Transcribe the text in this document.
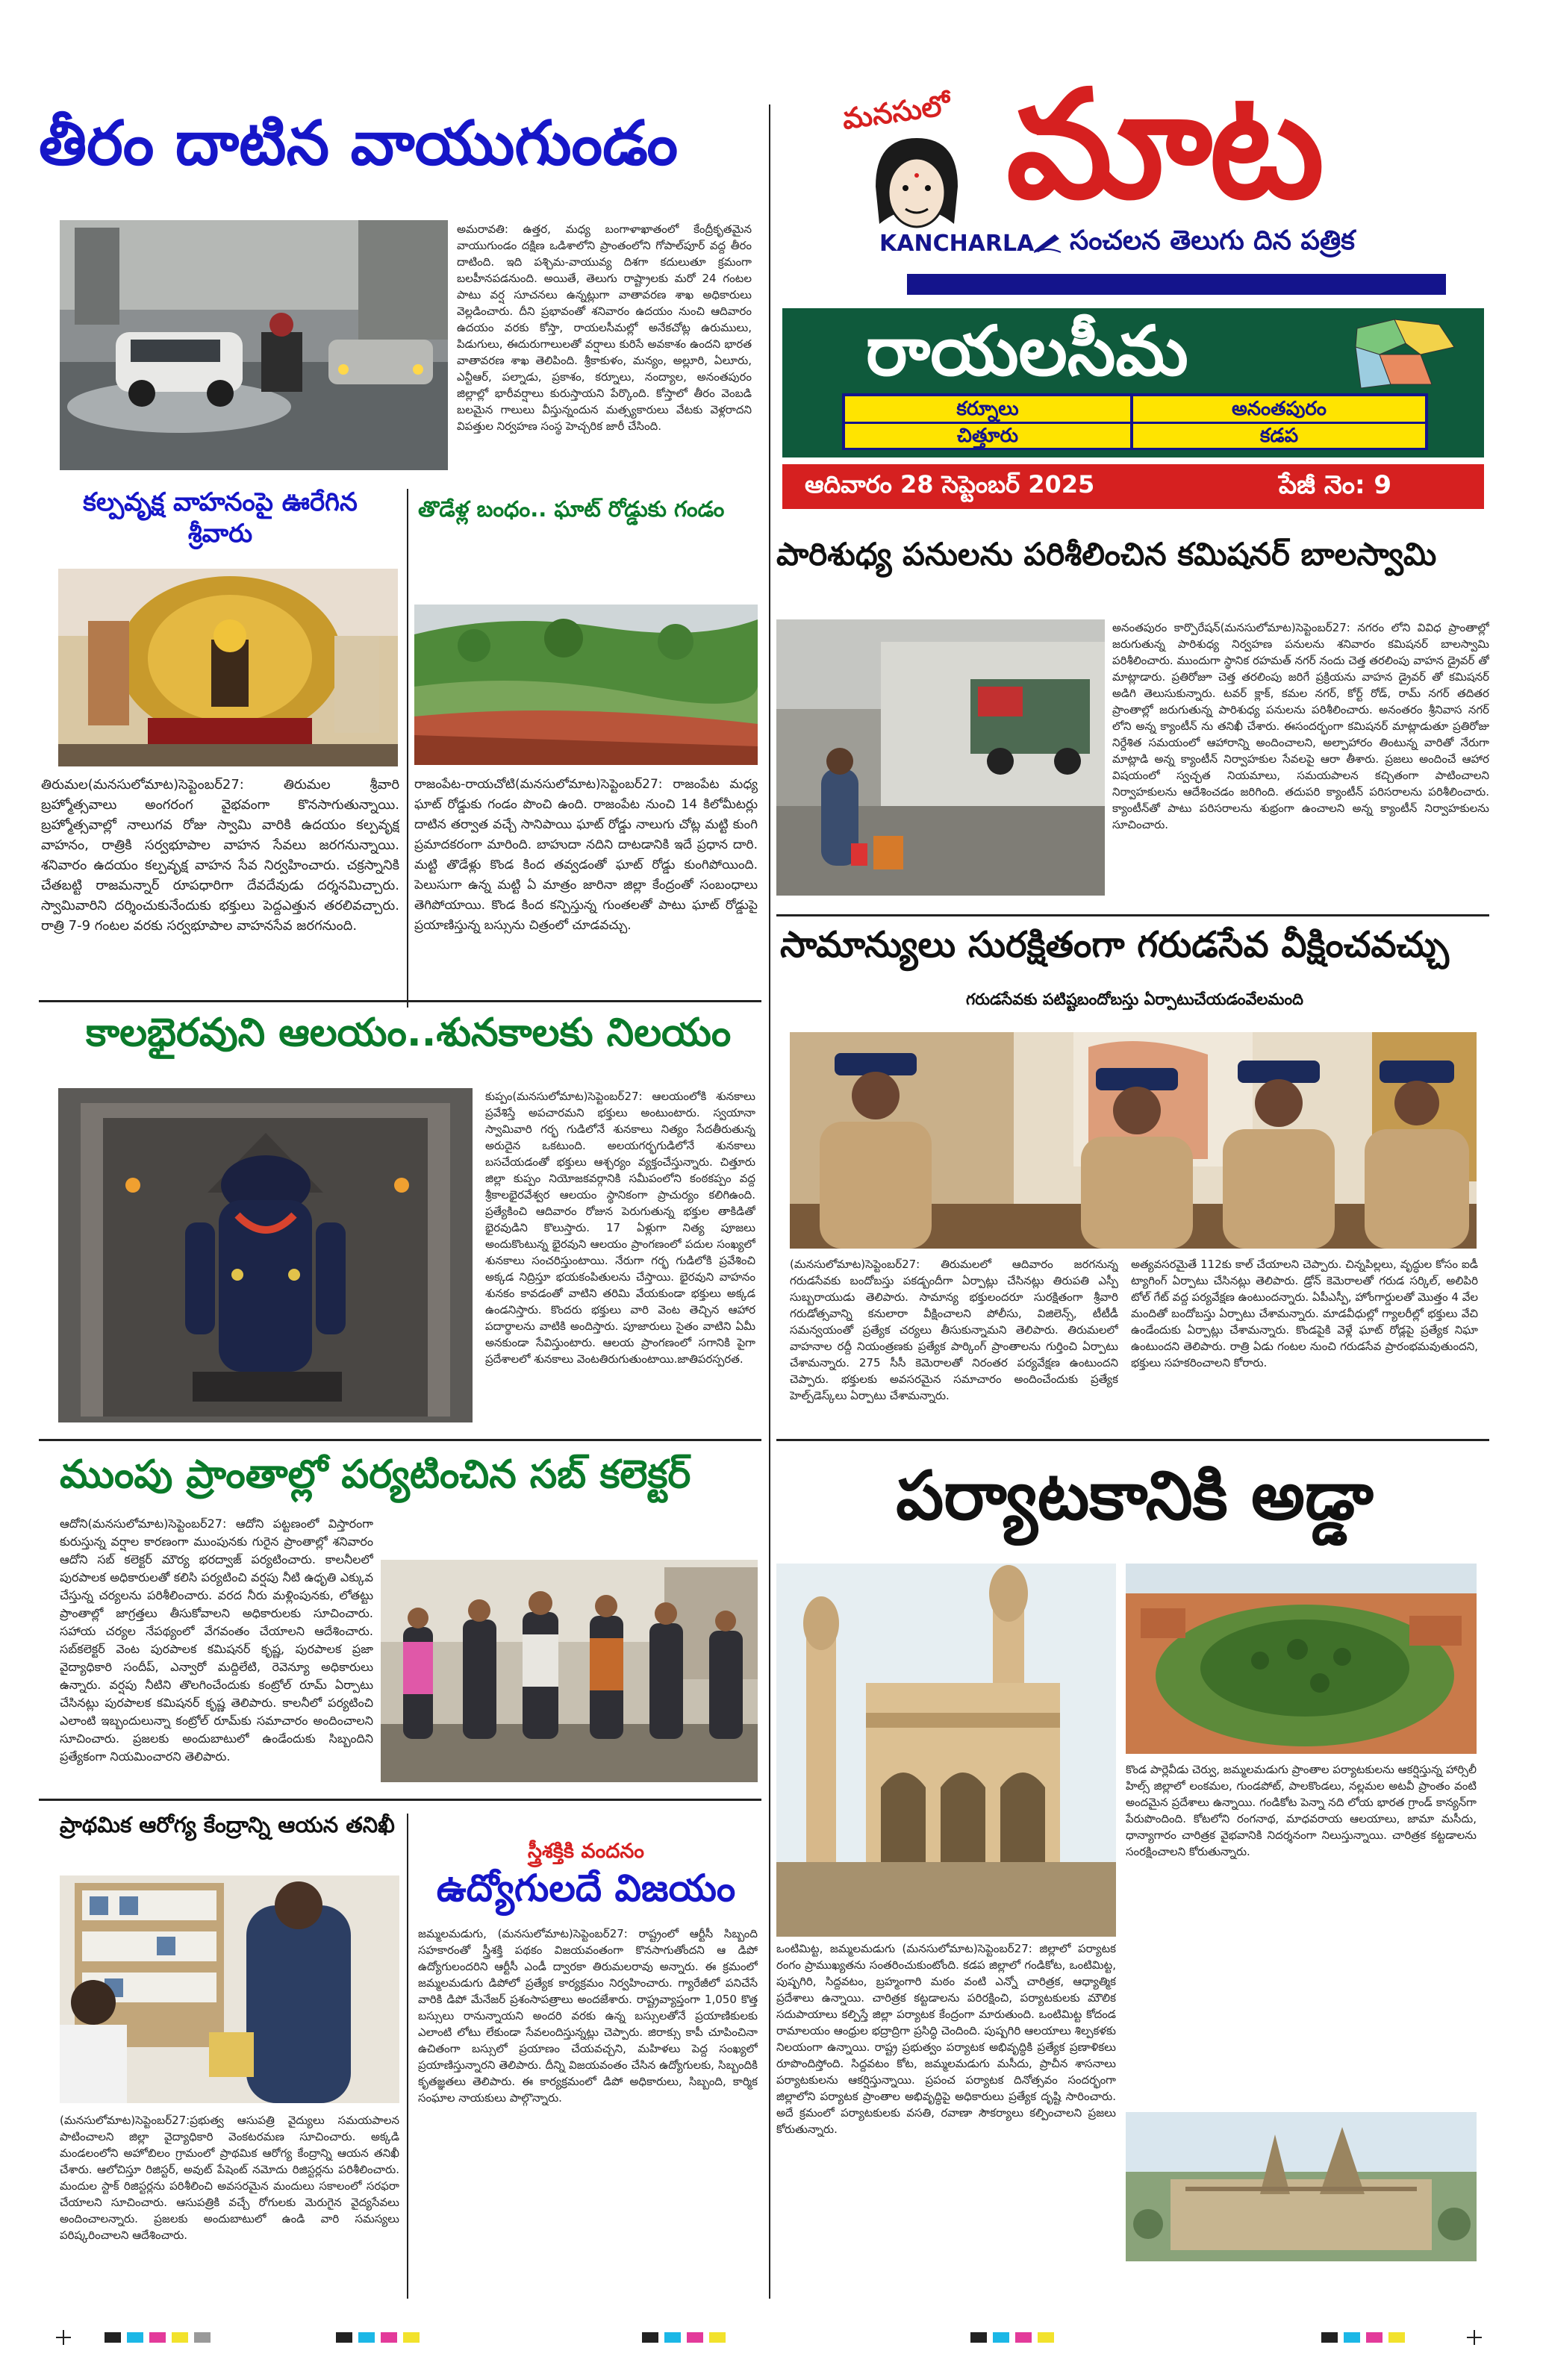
తీరం దాటిన వాయుగుండం
అమరావతి: ఉత్తర, మధ్య బంగాళాఖాతంలో కేంద్రీకృతమైన వాయుగుండం దక్షిణ ఒడిశాలోని ప్రాంతంలోని గోపాల్‌పూర్ వద్ద తీరం దాటింది. ఇది పశ్చిమ-వాయువ్య దిశగా కదులుతూ క్రమంగా బలహీనపడనుంది. అయితే, తెలుగు రాష్ట్రాలకు మరో 24 గంటల పాటు వర్ష సూచనలు ఉన్నట్లుగా వాతావరణ శాఖ అధికారులు వెల్లడించారు. దీని ప్రభావంతో శనివారం ఉదయం నుంచి ఆదివారం ఉదయం వరకు కోస్తా, రాయలసీమల్లో అనేకచోట్ల ఉరుములు, పిడుగులు, ఈదురుగాలులతో వర్షాలు కురిసే అవకాశం ఉందని భారత వాతావరణ శాఖ తెలిపింది. శ్రీకాకుళం, మన్యం, అల్లూరి, ఏలూరు, ఎన్టీఆర్, పల్నాడు, ప్రకాశం, కర్నూలు, నంద్యాల, అనంతపురం జిల్లాల్లో భారీవర్షాలు కురుస్తాయని పేర్కొంది. కోస్తాలో తీరం వెంబడి బలమైన గాలులు వీస్తున్నందున మత్స్యకారులు వేటకు వెళ్లరాదని విపత్తుల నిర్వహణ సంస్థ హెచ్చరిక జారీ చేసింది.
కల్పవృక్ష వాహనంపై ఊరేగిన
శ్రీవారు
తిరుమల(మనసులోమాట)సెప్టెంబర్27: తిరుమల శ్రీవారి బ్రహ్మోత్సవాలు అంగరంగ వైభవంగా కొనసాగుతున్నాయి. బ్రహ్మోత్సవాల్లో నాలుగవ రోజు స్వామి వారికి ఉదయం కల్పవృక్ష వాహనం, రాత్రికి సర్వభూపాల వాహన సేవలు జరగనున్నాయి. శనివారం ఉదయం కల్పవృక్ష వాహన సేవ నిర్వహించారు. చక్రస్నానికి చేతబట్టి రాజమన్నార్ రూపధారిగా దేవదేవుడు దర్శనమిచ్చారు. స్వామివారిని దర్శించుకునేందుకు భక్తులు పెద్దఎత్తున తరలివచ్చారు. రాత్రి 7-9 గంటల వరకు సర్వభూపాల వాహనసేవ జరగనుంది.
తొడేళ్ల బంధం.. ఘాట్ రోడ్డుకు గండం
రాజంపేట-రాయచోటి(మనసులోమాట)సెప్టెంబర్27: రాజంపేట మధ్య ఘాట్ రోడ్డుకు గండం పొంచి ఉంది. రాజంపేట నుంచి 14 కిలోమీటర్లు దాటిన తర్వాత వచ్చే సానిపాయి ఘాట్ రోడ్డు నాలుగు చోట్ల మట్టి కుంగి ప్రమాదకరంగా మారింది. బాహుదా నదిని దాటడానికి ఇదే ప్రధాన దారి. మట్టి తొడేళ్లు కొండ కింద తవ్వడంతో ఘాట్ రోడ్డు కుంగిపోయింది. పెలుసుగా ఉన్న మట్టి ఏ మాత్రం జారినా జిల్లా కేంద్రంతో సంబంధాలు తెగిపోయాయి. కొండ కింద కన్పిస్తున్న గుంతలతో పాటు ఘాట్ రోడ్డుపై ప్రయాణిస్తున్న బస్సును చిత్రంలో చూడవచ్చు.
కాలభైరవుని ఆలయం..శునకాలకు నిలయం
కుప్పం(మనసులోమాట)సెప్టెంబర్27: ఆలయంలోకి శునకాలు ప్రవేశిస్తే అపచారమని భక్తులు అంటుంటారు. స్వయానా స్వామివారి గర్భ గుడిలోనే శునకాలు నిత్యం సేదతీరుతున్న అరుదైన ఒకటుంది. అలయగర్భగుడిలోనే శునకాలు బసచేయడంతో భక్తులు ఆశ్చర్యం వ్యక్తంచేస్తున్నారు. చిత్తూరు జిల్లా కుప్పం నియోజకవర్గానికి సమీపంలోని కంఠకప్పం వద్ద శ్రీకాలభైరవేశ్వర ఆలయం స్థానికంగా ప్రాచుర్యం కలిగిఉంది. ప్రత్యేకించి ఆదివారం రోజున పెరుగుతున్న భక్తుల తాకిడితో భైరవుడిని కొలుస్తారు. 17 ఏళ్లుగా నిత్య పూజలు అందుకొంటున్న భైరవుని ఆలయం ప్రాంగణంలో పదుల సంఖ్యలో శునకాలు సంచరిస్తుంటాయి. నేరుగా గర్భ గుడిలోకి ప్రవేశించి అక్కడ నిద్రిస్తూ భయకంపితులను చేస్తాయి. భైరవుని వాహనం శునకం కావడంతో వాటిని తరిమి వేయకుండా భక్తులు అక్కడ ఉండనిస్తారు. కొందరు భక్తులు వారి వెంట తెచ్చిన ఆహార పదార్థాలను వాటికి అందిస్తారు. పూజారులు సైతం వాటిని ఏమీ అనకుండా సేవిస్తుంటారు. ఆలయ ప్రాంగణంలో సగానికి పైగా ప్రదేశాలలో శునకాలు వెంటతిరుగుతుంటాయి.జాతిపరస్పరత.
ముంపు ప్రాంతాల్లో పర్యటించిన సబ్ కలెక్టర్
ఆదోని(మనసులోమాట)సెప్టెంబర్27: ఆదోని పట్టణంలో విస్తారంగా కురుస్తున్న వర్షాల కారణంగా ముంపునకు గురైన ప్రాంతాల్లో శనివారం ఆదోని సబ్ కలెక్టర్ మౌర్య భరద్వాజ్ పర్యటించారు. కాలనీలలో పురపాలక అధికారులతో కలిసి పర్యటించి వర్షపు నీటి ఉధృతి ఎక్కువ చేస్తున్న చర్యలను పరిశీలించారు. వరద నీరు మళ్లింపునకు, లోతట్టు ప్రాంతాల్లో జాగ్రత్తలు తీసుకోవాలని అధికారులకు సూచించారు. సహాయ చర్యల నేపథ్యంలో వేగవంతం చేయాలని ఆదేశించారు. సబ్‌కలెక్టర్ వెంట పురపాలక కమిషనర్ కృష్ణ, పురపాలక ప్రజా వైద్యాధికారి సందీప్, ఎన్వారో మద్దిలేటి, రెవెన్యూ అధికారులు ఉన్నారు. వర్షపు నీటిని తొలగించేందుకు కంట్రోల్ రూమ్ ఏర్పాటు చేసినట్లు పురపాలక కమిషనర్ కృష్ణ తెలిపారు. కాలనీలో పర్యటించి ఎలాంటి ఇబ్బందులున్నా కంట్రోల్ రూమ్‌కు సమాచారం అందించాలని సూచించారు. ప్రజలకు అందుబాటులో ఉండేందుకు సిబ్బందిని ప్రత్యేకంగా నియమించారని తెలిపారు.
ప్రాథమిక ఆరోగ్య కేంద్రాన్ని ఆయన తనిఖీ
(మనసులోమాట)సెప్టెంబర్27:ప్రభుత్వ ఆసుపత్రి వైద్యులు సమయపాలన పాటించాలని జిల్లా వైద్యాధికారి వెంకటరమణ సూచించారు. అక్కడి మండలంలోని అహోబిలం గ్రామంలో ప్రాథమిక ఆరోగ్య కేంద్రాన్ని ఆయన తనిఖీ చేశారు. ఆలోచిస్తూ రిజిస్టర్, అవుట్ పేషెంట్ నమోదు రిజిస్టర్లను పరిశీలించారు. మందుల స్టాక్ రిజిస్టర్లను పరిశీలించి అవసరమైన మందులు సకాలంలో సరఫరా చేయాలని సూచించారు. ఆసుపత్రికి వచ్చే రోగులకు మెరుగైన వైద్యసేవలు అందించాలన్నారు. ప్రజలకు అందుబాటులో ఉండి వారి సమస్యలు పరిష్కరించాలని ఆదేశించారు.
స్త్రీశక్తికి వందనం
ఉద్యోగులదే విజయం
జమ్మలమడుగు, (మనసులోమాట)సెప్టెంబర్27: రాష్ట్రంలో ఆర్టీసీ సిబ్బంది సహకారంతో స్త్రీశక్తి పథకం విజయవంతంగా కొనసాగుతోందని ఆ డిపో ఉద్యోగులందరిని ఆర్టీసీ ఎండీ ద్వారకా తిరుమలరావు అన్నారు. ఈ క్రమంలో జమ్మలమడుగు డిపోలో ప్రత్యేక కార్యక్రమం నిర్వహించారు. గ్యారేజీలో పనిచేసే వారికి డిపో మేనేజర్ ప్రశంసాపత్రాలు అందజేశారు. రాష్ట్రవ్యాప్తంగా 1,050 కొత్త బస్సులు రానున్నాయని అందరి వరకు ఉన్న బస్సులతోనే ప్రయాణికులకు ఎలాంటి లోటు లేకుండా సేవలందిస్తున్నట్లు చెప్పారు. జిరాక్సు కాపీ చూపించినా ఉచితంగా బస్సులో ప్రయాణం చేయవచ్చని, మహిళలు పెద్ద సంఖ్యలో ప్రయాణిస్తున్నారని తెలిపారు. దీన్ని విజయవంతం చేసిన ఉద్యోగులకు, సిబ్బందికి కృతజ్ఞతలు తెలిపారు. ఈ కార్యక్రమంలో డిపో అధికారులు, సిబ్బంది, కార్మిక సంఘాల నాయకులు పాల్గొన్నారు.
మనసులో మాట
KANCHARLA సంచలన తెలుగు దిన పత్రిక
రాయలసీమ
కర్నూలు	అనంతపురం
చిత్తూరు	కడప
ఆదివారం 28 సెప్టెంబర్ 2025	పేజీ నెం: 9
పారిశుధ్య పనులను పరిశీలించిన కమిషనర్ బాలస్వామి
అనంతపురం కార్పొరేషన్(మనసులోమాట)సెప్టెంబర్27: నగరం లోని వివిధ ప్రాంతాల్లో జరుగుతున్న పారిశుధ్య నిర్వహణ పనులను శనివారం కమిషనర్ బాలస్వామి పరిశీలించారు. ముందుగా స్థానిక రహమత్ నగర్ నందు చెత్త తరలింపు వాహన డ్రైవర్ తో మాట్లాడారు. ప్రతిరోజూ చెత్త తరలింపు జరిగే ప్రక్రియను వాహన డ్రైవర్ తో కమిషనర్ అడిగి తెలుసుకున్నారు. టవర్ క్లాక్, కమల నగర్, కోర్ట్ రోడ్, రామ్ నగర్ తదితర ప్రాంతాల్లో జరుగుతున్న పారిశుధ్య పనులను పరిశీలించారు. అనంతరం శ్రీనివాస నగర్ లోని అన్న క్యాంటీన్ ను తనిఖీ చేశారు. ఈసందర్భంగా కమిషనర్ మాట్లాడుతూ ప్రతిరోజు నిర్దేశిత సమయంలో ఆహారాన్ని అందించాలని, అల్పాహారం తింటున్న వారితో నేరుగా మాట్లాడి అన్న క్యాంటీన్ నిర్వాహకుల సేవలపై ఆరా తీశారు. ప్రజలు అందించే ఆహార విషయంలో స్వచ్ఛత నియమాలు, సమయపాలన కచ్చితంగా పాటించాలని నిర్వాహకులను ఆదేశించడం జరిగింది. తదుపరి క్యాంటీన్ పరిసరాలను పరిశీలించారు. క్యాంటీన్‌తో పాటు పరిసరాలను శుభ్రంగా ఉంచాలని అన్న క్యాంటీన్ నిర్వాహకులను సూచించారు.
సామాన్యులు సురక్షితంగా గరుడసేవ వీక్షించవచ్చు
గరుడసేవకు పటిష్టబందోబస్తు ఏర్పాటుచేయడంవేలమంది
(మనసులోమాట)సెప్టెంబర్27: తిరుమలలో ఆదివారం జరగనున్న గరుడసేవకు బందోబస్తు పకడ్బందీగా ఏర్పాట్లు చేసినట్లు తిరుపతి ఎస్పీ సుబ్బరాయుడు తెలిపారు. సామాన్య భక్తులందరూ సురక్షితంగా శ్రీవారి గరుడోత్సవాన్ని కనులారా వీక్షించాలని పోలీసు, విజిలెన్స్, టీటీడీ సమన్వయంతో ప్రత్యేక చర్యలు తీసుకున్నామని తెలిపారు. తిరుమలలో వాహనాల రద్దీ నియంత్రణకు ప్రత్యేక పార్కింగ్ ప్రాంతాలను గుర్తించి ఏర్పాటు చేశామన్నారు. 275 సీసీ కెమెరాలతో నిరంతర పర్యవేక్షణ ఉంటుందని చెప్పారు. భక్తులకు అవసరమైన సమాచారం అందించేందుకు ప్రత్యేక హెల్ప్‌డెస్క్‌లు ఏర్పాటు చేశామన్నారు.
అత్యవసరమైతే 112కు కాల్ చేయాలని చెప్పారు. చిన్నపిల్లలు, వృద్ధుల కోసం ఐడీ ట్యాగింగ్ ఏర్పాటు చేసినట్లు తెలిపారు. డ్రోన్ కెమెరాలతో గరుడ సర్కిల్, అలిపిరి టోల్ గేట్ వద్ద పర్యవేక్షణ ఉంటుందన్నారు. ఏపీఎస్పీ, హోంగార్డులతో మొత్తం 4 వేల మందితో బందోబస్తు ఏర్పాటు చేశామన్నారు. మాడవీధుల్లో గ్యాలరీల్లో భక్తులు వేచి ఉండేందుకు ఏర్పాట్లు చేశామన్నారు. కొండపైకి వెళ్లే ఘాట్ రోడ్లపై ప్రత్యేక నిఘా ఉంటుందని తెలిపారు. రాత్రి ఏడు గంటల నుంచి గరుడసేవ ప్రారంభమవుతుందని, భక్తులు సహకరించాలని కోరారు.
పర్యాటకానికి అడ్డా
కొండ పార్లెవీడు చెర్వు, జమ్మలమడుగు ప్రాంతాల పర్యాటకులను ఆకర్షిస్తున్న హార్సిలీ హిల్స్ జిల్లాలో లంకమల, గుండపోట్, పాలకొండలు, నల్లమల అటవీ ప్రాంతం వంటి అందమైన ప్రదేశాలు ఉన్నాయి. గండికోట పెన్నా నది లోయ భారత గ్రాండ్ కాన్యన్‌గా పేరుపొందింది. కోటలోని రంగనాథ, మాధవరాయ ఆలయాలు, జామా మసీదు, ధాన్యాగారం చారిత్రక వైభవానికి నిదర్శనంగా నిలుస్తున్నాయి. చారిత్రక కట్టడాలను సంరక్షించాలని కోరుతున్నారు.
ఒంటిమిట్ట, జమ్మలమడుగు (మనసులోమాట)సెప్టెంబర్27: జిల్లాలో పర్యాటక రంగం ప్రాముఖ్యతను సంతరించుకుంటోంది. కడప జిల్లాలో గండికోట, ఒంటిమిట్ట, పుష్పగిరి, సిద్దవటం, బ్రహ్మంగారి మఠం వంటి ఎన్నో చారిత్రక, ఆధ్యాత్మిక ప్రదేశాలు ఉన్నాయి. చారిత్రక కట్టడాలను పరిరక్షించి, పర్యాటకులకు మౌలిక సదుపాయాలు కల్పిస్తే జిల్లా పర్యాటక కేంద్రంగా మారుతుంది. ఒంటిమిట్ట కోదండ రామాలయం ఆంధ్రుల భద్రాద్రిగా ప్రసిద్ధి చెందింది. పుష్పగిరి ఆలయాలు శిల్పకళకు నిలయంగా ఉన్నాయి. రాష్ట్ర ప్రభుత్వం పర్యాటక అభివృద్ధికి ప్రత్యేక ప్రణాళికలు రూపొందిస్తోంది. సిద్దవటం కోట, జమ్మలమడుగు మసీదు, ప్రాచీన శాసనాలు పర్యాటకులను ఆకర్షిస్తున్నాయి. ప్రపంచ పర్యాటక దినోత్సవం సందర్భంగా జిల్లాలోని పర్యాటక ప్రాంతాల అభివృద్ధిపై అధికారులు ప్రత్యేక దృష్టి సారించారు. అదే క్రమంలో పర్యాటకులకు వసతి, రవాణా సౌకర్యాలు కల్పించాలని ప్రజలు కోరుతున్నారు.
